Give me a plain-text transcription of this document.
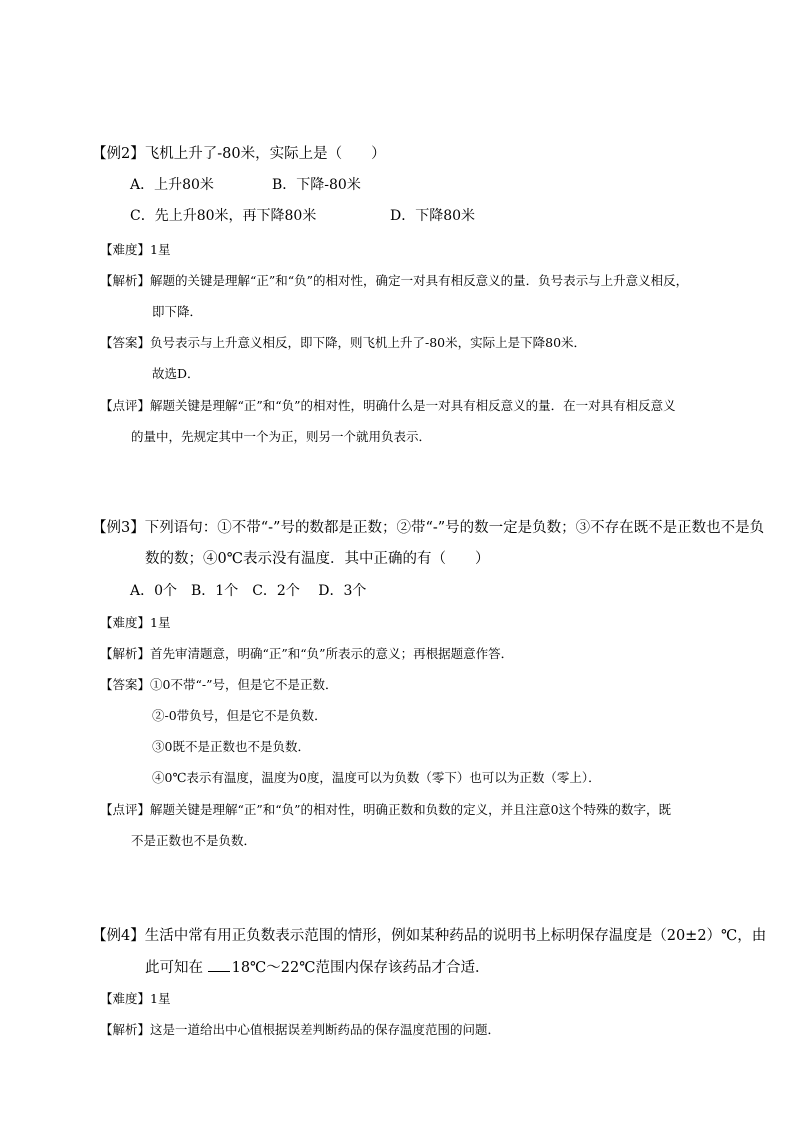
【例2】飞机上升了-80米，实际上是（　　）
A．上升80米	B．下降-80米
C．先上升80米，再下降80米	D．下降80米
【难度】1星
【解析】解题的关键是理解“正”和“负”的相对性，确定一对具有相反意义的量．负号表示与上升意义相反，
即下降．
【答案】负号表示与上升意义相反，即下降，则飞机上升了-80米，实际上是下降80米．
故选D．
【点评】解题关键是理解“正”和“负”的相对性，明确什么是一对具有相反意义的量．在一对具有相反意义
的量中，先规定其中一个为正，则另一个就用负表示．
【例3】下列语句：①不带“-”号的数都是正数；②带“-”号的数一定是负数；③不存在既不是正数也不是负
数的数；④0℃表示没有温度．其中正确的有（　　）
A．0个　B．1个　C．2个　 D．3个
【难度】1星
【解析】首先审清题意，明确“正”和“负”所表示的意义；再根据题意作答．
【答案】①0不带“-”号，但是它不是正数．
②-0带负号，但是它不是负数．
③0既不是正数也不是负数．
④0℃表示有温度，温度为0度，温度可以为负数（零下）也可以为正数（零上）．
【点评】解题关键是理解“正”和“负”的相对性，明确正数和负数的定义，并且注意0这个特殊的数字，既
不是正数也不是负数．
【例4】生活中常有用正负数表示范围的情形，例如某种药品的说明书上标明保存温度是（20±2）℃，由
此可知在 18℃～22℃范围内保存该药品才合适．
【难度】1星
【解析】这是一道给出中心值根据误差判断药品的保存温度范围的问题．
